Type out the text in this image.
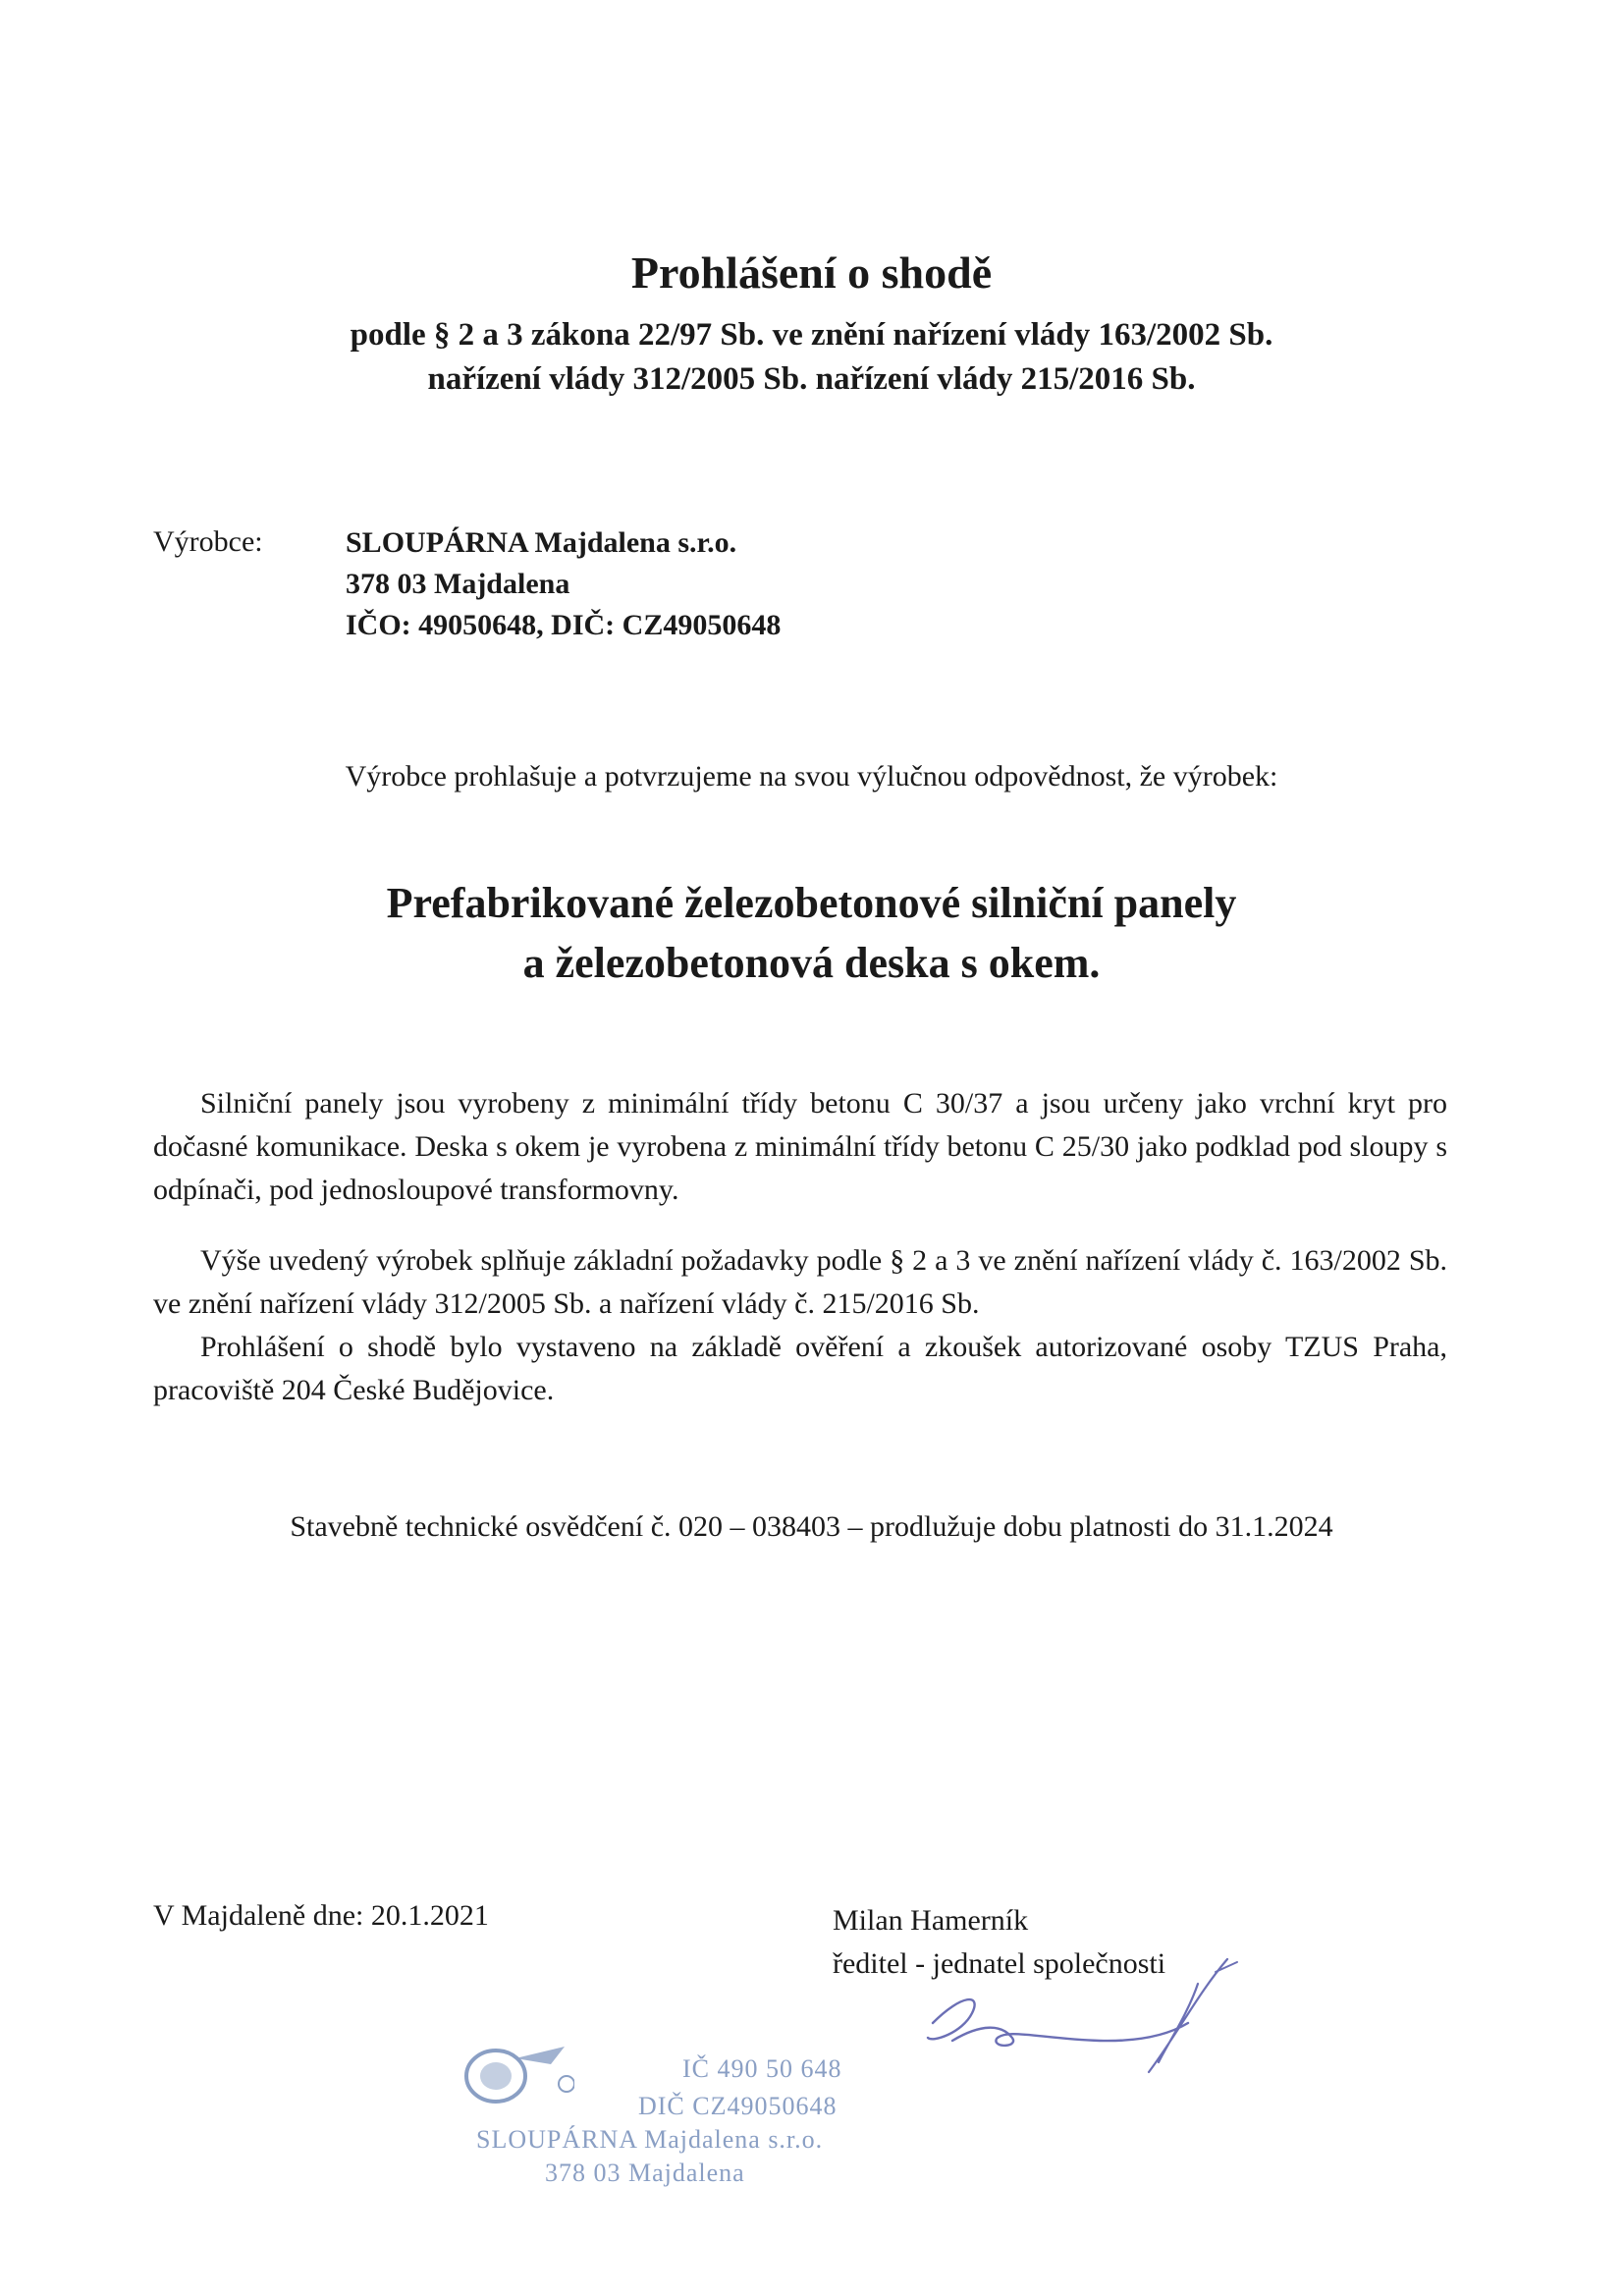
Prohlášení o shodě
podle § 2 a 3 zákona 22/97 Sb. ve znění nařízení vlády 163/2002 Sb.
nařízení vlády 312/2005 Sb. nařízení vlády 215/2016 Sb.
Výrobce:	SLOUPÁRNA Majdalena s.r.o.
378 03 Majdalena
IČO: 49050648, DIČ: CZ49050648
Výrobce prohlašuje a potvrzujeme na svou výlučnou odpovědnost, že výrobek:
Prefabrikované železobetonové silniční panely
a železobetonová deska s okem.

Silniční panely jsou vyrobeny z minimální třídy betonu C 30/37 a jsou určeny jako vrchní kryt pro dočasné komunikace. Deska s okem je vyrobena z minimální třídy betonu C 25/30 jako podklad pod sloupy s odpínači, pod jednosloupové transformovny.

Výše uvedený výrobek splňuje základní požadavky podle § 2 a 3 ve znění nařízení vlády č. 163/2002 Sb. ve znění nařízení vlády 312/2005 Sb. a nařízení vlády č. 215/2016 Sb.

Prohlášení o shodě bylo vystaveno na základě ověření a zkoušek autorizované osoby TZUS Praha, pracoviště 204 České Budějovice.

Stavebně technické osvědčení č. 020 – 038403 – prodlužuje dobu platnosti do 31.1.2024
V Majdaleně dne: 20.1.2021	Milan Hamerník
ředitel - jednatel společnosti
IČ 490 50 648
DIČ CZ49050648
SLOUPÁRNA Majdalena s.r.o.
378 03 Majdalena
